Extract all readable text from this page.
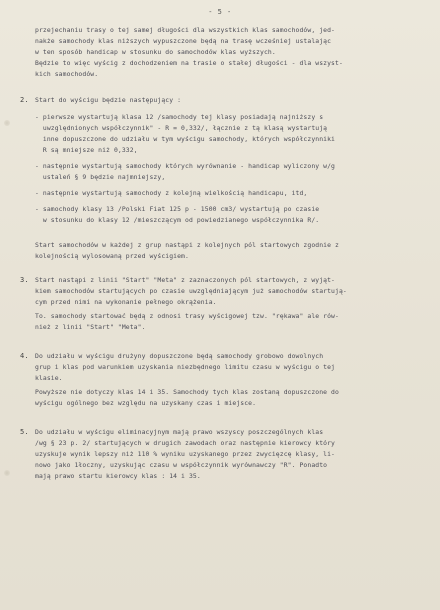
- 5 -
przejechaniu trasy o tej samej długości dla wszystkich klas samochodów, jed-
nakże samochody klas niższych wypuszczone będą na trasę wcześniej ustalając
w ten sposób handicap w stosunku do samochodów klas wyższych.
Będzie to więc wyścig z dochodzeniem na trasie o stałej długości - dla wszyst-
kich samochodów.
2. Start do wyścigu będzie następujący :
- pierwsze wystartują klasa 12 /samochody tej klasy posiadają najniższy s
uwzględnionych współczynnik" - R = 0,332/, łącznie z tą klasą wystartują
inne dopuszczone do udziału w tym wyścigu samochody, których współczynniki
R są mniejsze niż 0,332,
- następnie wystartują samochody których wyrównanie - handicap wyliczony w/g
ustaleń § 9 będzie najmniejszy,
- następnie wystartują samochody z kolejną wielkością handicapu, itd,
- samochody klasy 13 /Polski Fiat 125 p - 1500 cm3/ wystartują po czasie
w stosunku do klasy 12 /mieszczącym od powiedzianego współczynnika R/.
Start samochodów w każdej z grup nastąpi z kolejnych pól startowych zgodnie z
kolejnością wylosowaną przed wyścigiem.
3. Start nastąpi z linii "Start" "Meta" z zaznaczonych pól startowych, z wyjąt-
kiem samochodów startujących po czasie uwzględniającym już samochodów startują-
cym przed nimi na wykonanie pełnego okrążenia.
To. samochody startować będą z odnosi trasy wyścigowej tzw. "rękawa" ale rów-
nież z linii "Start" "Meta".
4. Do udziału w wyścigu drużyny dopuszczone będą samochody grobowo dowolnych
grup i klas pod warunkiem uzyskania niezbędnego limitu czasu w wyścigu o tej
klasie.
Powyższe nie dotyczy klas 14 i 35. Samochody tych klas zostaną dopuszczone do
wyścigu ogólnego bez względu na uzyskany czas i miejsce.
5. Do udziału w wyścigu eliminacyjnym mają prawo wszyscy poszczególnych klas
/wg § 23 p. 2/ startujących w drugich zawodach oraz następnie kierowcy który
uzyskuje wynik lepszy niż 110 % wyniku uzyskanego przez zwycięzcę klasy, li-
nowo jako 1łoczny, uzyskując czasu w współczynnik wyrównawczy "R". Ponadto
mają prawo startu kierowcy klas : 14 i 35.
